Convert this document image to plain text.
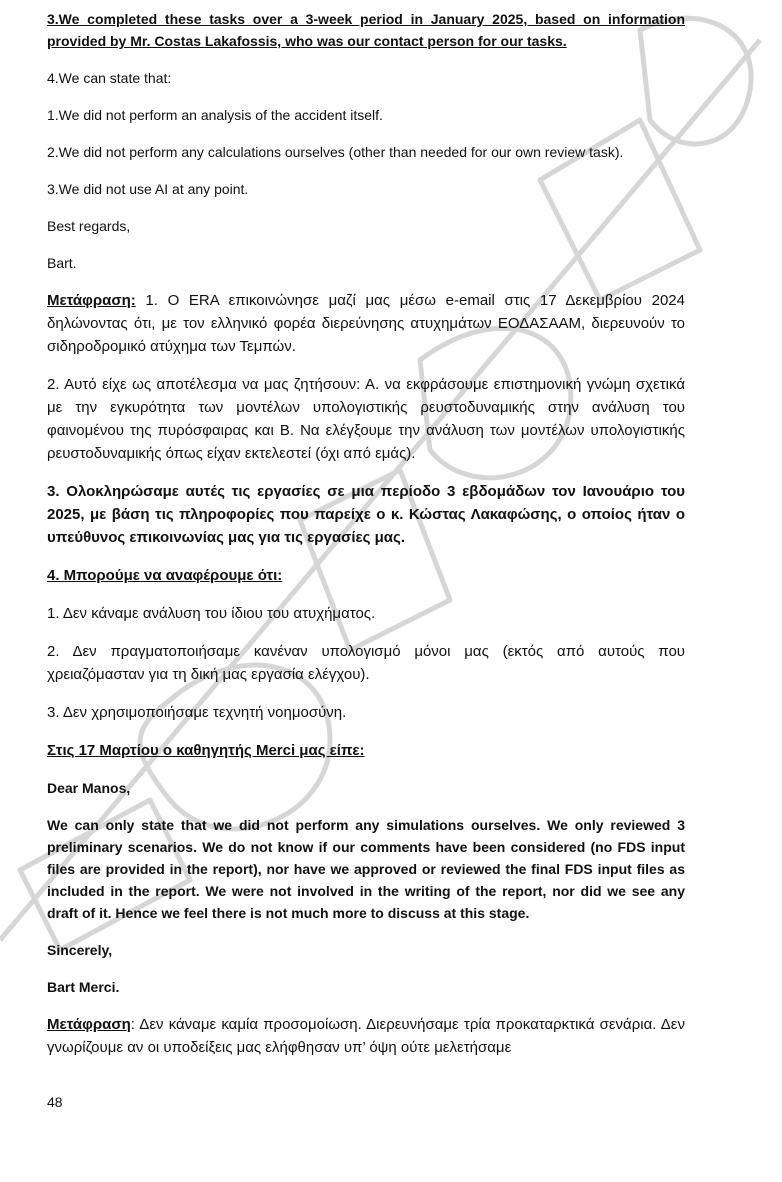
3.We completed these tasks over a 3-week period in January 2025, based on information provided by Mr. Costas Lakafossis, who was our contact person for our tasks.

4.We can state that:

1.We did not perform an analysis of the accident itself.

2.We did not perform any calculations ourselves (other than needed for our own review task).

3.We did not use AI at any point.

Best regards,

Bart.

Μετάφραση: 1. Ο ERA επικοινώνησε μαζί μας μέσω e-email στις 17 Δεκεμβρίου 2024 δηλώνοντας ότι, με τον ελληνικό φορέα διερεύνησης ατυχημάτων ΕΟΔΑΣΑΑΜ, διερευνούν το σιδηροδρομικό ατύχημα των Τεμπών.

2. Αυτό είχε ως αποτέλεσμα να μας ζητήσουν: Α. να εκφράσουμε επιστημονική γνώμη σχετικά με την εγκυρότητα των μοντέλων υπολογιστικής ρευστοδυναμικής στην ανάλυση του φαινομένου της πυρόσφαιρας και Β. Να ελέγξουμε την ανάλυση των μοντέλων υπολογιστικής ρευστοδυναμικής όπως είχαν εκτελεστεί (όχι από εμάς).

3. Ολοκληρώσαμε αυτές τις εργασίες σε μια περίοδο 3 εβδομάδων τον Ιανουάριο του 2025, με βάση τις πληροφορίες που παρείχε ο κ. Κώστας Λακαφώσης, ο οποίος ήταν ο υπεύθυνος επικοινωνίας μας για τις εργασίες μας.

4. Μπορούμε να αναφέρουμε ότι:

1. Δεν κάναμε ανάλυση του ίδιου του ατυχήματος.

2. Δεν πραγματοποιήσαμε κανέναν υπολογισμό μόνοι μας (εκτός από αυτούς που χρειαζόμασταν για τη δική μας εργασία ελέγχου).

3. Δεν χρησιμοποιήσαμε τεχνητή νοημοσύνη.

Στις 17 Μαρτίου ο καθηγητής Merci μας είπε:

Dear Manos,

We can only state that we did not perform any simulations ourselves. We only reviewed 3 preliminary scenarios. We do not know if our comments have been considered (no FDS input files are provided in the report), nor have we approved or reviewed the final FDS input files as included in the report. We were not involved in the writing of the report, nor did we see any draft of it. Hence we feel there is not much more to discuss at this stage.

Sincerely,

Bart Merci.

Μετάφραση: Δεν κάναμε καμία προσομοίωση. Διερευνήσαμε τρία προκαταρκτικά σενάρια. Δεν γνωρίζουμε αν οι υποδείξεις μας ελήφθησαν υπ’ όψη ούτε μελετήσαμε

48
